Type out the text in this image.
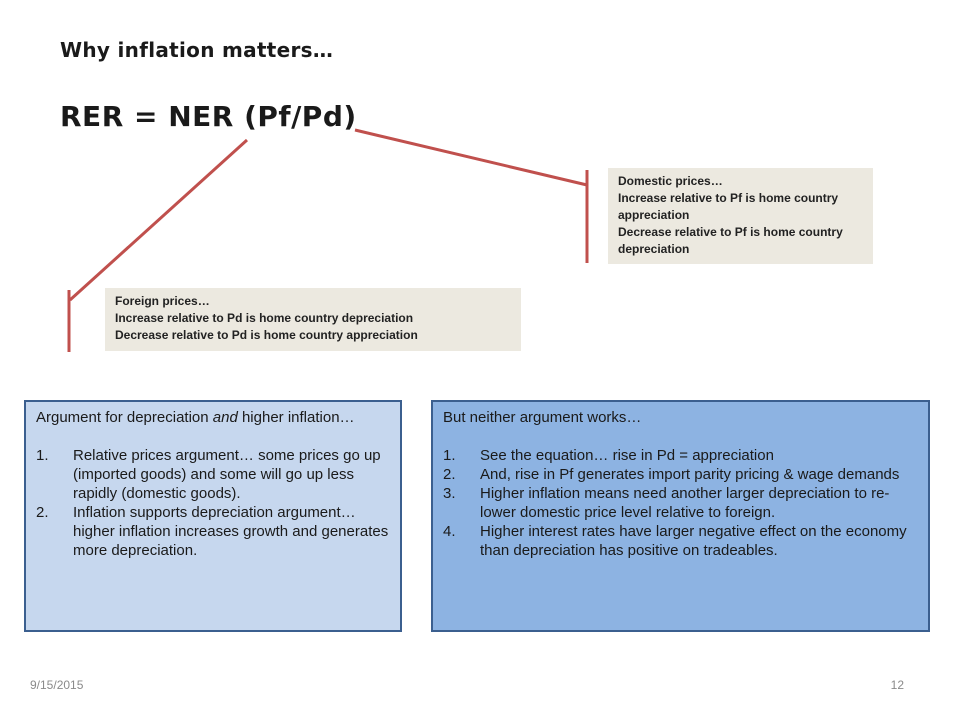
Why inflation matters…
RER = NER (Pf/Pd)

Domestic prices…

Increase relative to Pf is home country appreciation

Decrease relative to Pf is home country depreciation

Foreign prices…

Increase relative to Pd is home country depreciation

Decrease relative to Pd is home country appreciation

Argument for depreciation and higher inflation…

1. Relative prices argument… some prices go up (imported goods) and some will go up less rapidly (domestic goods).
2. Inflation supports depreciation argument… higher inflation increases growth and generates more depreciation.

But neither argument works…

1. See the equation… rise in Pd = appreciation
2. And, rise in Pf generates import parity pricing & wage demands
3. Higher inflation means need another larger depreciation to re-lower domestic price level relative to foreign.
4. Higher interest rates have larger negative effect on the economy than depreciation has positive on tradeables.
9/15/2015	12
